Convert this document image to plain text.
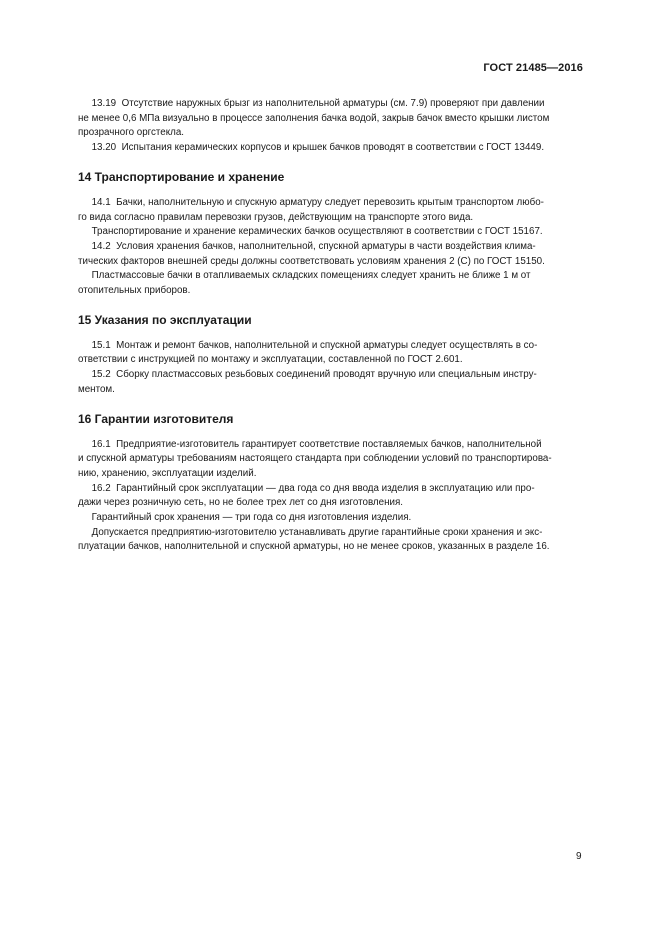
ГОСТ 21485—2016
13.19  Отсутствие наружных брызг из наполнительной арматуры (см. 7.9) проверяют при давлении
не менее 0,6 МПа визуально в процессе заполнения бачка водой, закрыв бачок вместо крышки листом
прозрачного оргстекла.
13.20  Испытания керамических корпусов и крышек бачков проводят в соответствии с ГОСТ 13449.
14 Транспортирование и хранение
14.1  Бачки, наполнительную и спускную арматуру следует перевозить крытым транспортом любо-
го вида согласно правилам перевозки грузов, действующим на транспорте этого вида.
Транспортирование и хранение керамических бачков осуществляют в соответствии с ГОСТ 15167.
14.2  Условия хранения бачков, наполнительной, спускной арматуры в части воздействия клима-
тических факторов внешней среды должны соответствовать условиям хранения 2 (С) по ГОСТ 15150.
Пластмассовые бачки в отапливаемых складских помещениях следует хранить не ближе 1 м от
отопительных приборов.
15 Указания по эксплуатации
15.1  Монтаж и ремонт бачков, наполнительной и спускной арматуры следует осуществлять в со-
ответствии с инструкцией по монтажу и эксплуатации, составленной по ГОСТ 2.601.
15.2  Сборку пластмассовых резьбовых соединений проводят вручную или специальным инстру-
ментом.
16 Гарантии изготовителя
16.1  Предприятие-изготовитель гарантирует соответствие поставляемых бачков, наполнительной
и спускной арматуры требованиям настоящего стандарта при соблюдении условий по транспортирова-
нию, хранению, эксплуатации изделий.
16.2  Гарантийный срок эксплуатации — два года со дня ввода изделия в эксплуатацию или про-
дажи через розничную сеть, но не более трех лет со дня изготовления.
Гарантийный срок хранения — три года со дня изготовления изделия.
Допускается предприятию-изготовителю устанавливать другие гарантийные сроки хранения и экс-
плуатации бачков, наполнительной и спускной арматуры, но не менее сроков, указанных в разделе 16.
9
